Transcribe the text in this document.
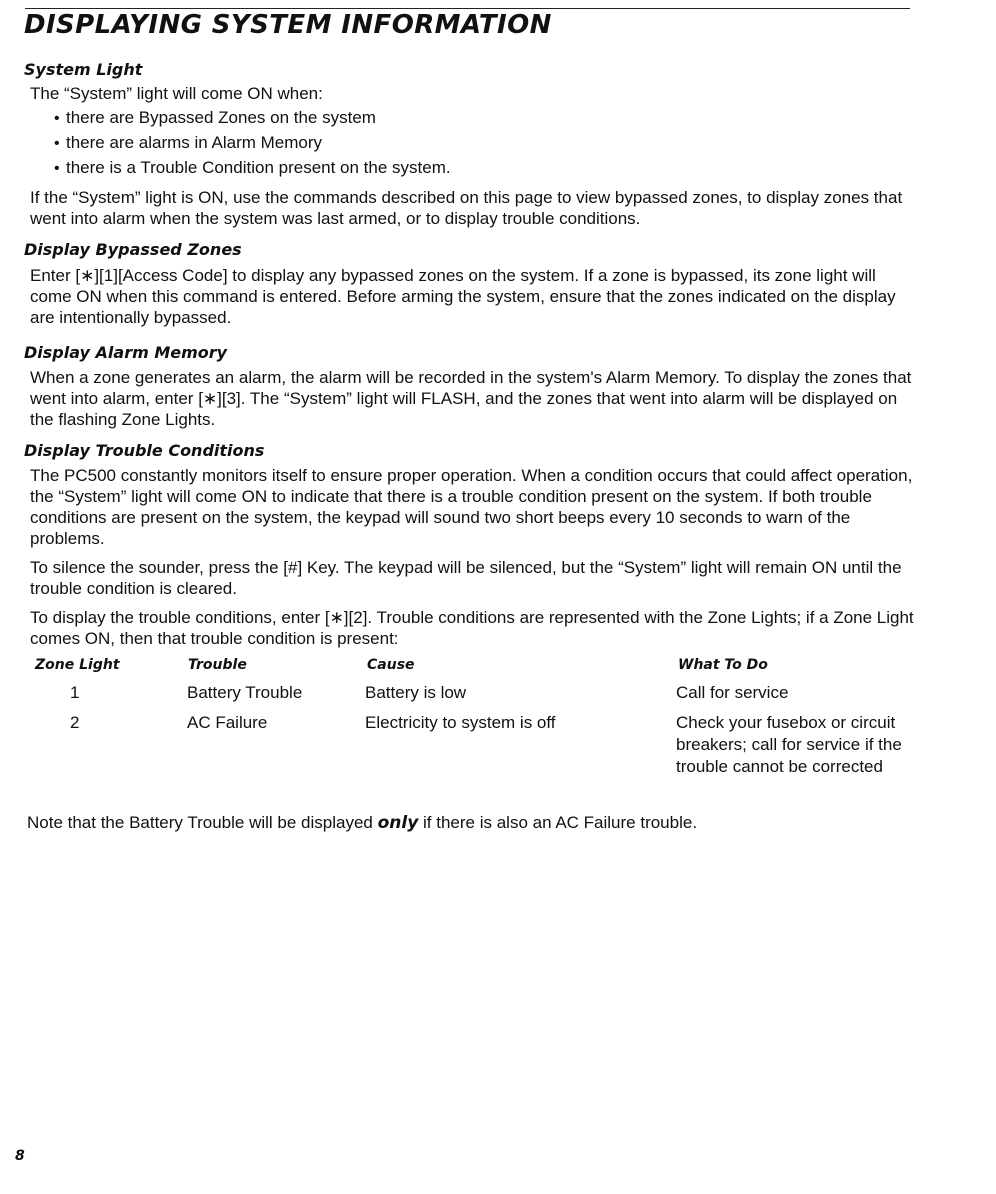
DISPLAYING SYSTEM INFORMATION
System Light

The “System” light will come ON when:

• there are Bypassed Zones on the system
• there are alarms in Alarm Memory
• there is a Trouble Condition present on the system.

If the “System” light is ON, use the commands described on this page to view bypassed zones, to display zones that went into alarm when the system was last armed, or to display trouble conditions.

Display Bypassed Zones

Enter [∗][1][Access Code] to display any bypassed zones on the system. If a zone is bypassed, its zone light will come ON when this command is entered. Before arming the system, ensure that the zones indicated on the display are intentionally bypassed.

Display Alarm Memory

When a zone generates an alarm, the alarm will be recorded in the system's Alarm Memory. To display the zones that went into alarm, enter [∗][3]. The “System” light will FLASH, and the zones that went into alarm will be displayed on the flashing Zone Lights.

Display Trouble Conditions

The PC500 constantly monitors itself to ensure proper operation. When a condition occurs that could affect operation, the “System” light will come ON to indicate that there is a trouble condition present on the system. If both trouble conditions are present on the system, the keypad will sound two short beeps every 10 seconds to warn of the problems.

To silence the sounder, press the [#] Key. The keypad will be silenced, but the “System” light will remain ON until the trouble condition is cleared.

To display the trouble conditions, enter [∗][2]. Trouble conditions are represented with the Zone Lights; if a Zone Light comes ON, then that trouble condition is present:

Zone Light	Trouble	Cause	What To Do
1	Battery Trouble	Battery is low	Call for service
2	AC Failure	Electricity to system is off	Check your fusebox or circuit breakers; call for service if the trouble cannot be corrected

Note that the Battery Trouble will be displayed only if there is also an AC Failure trouble.

8
